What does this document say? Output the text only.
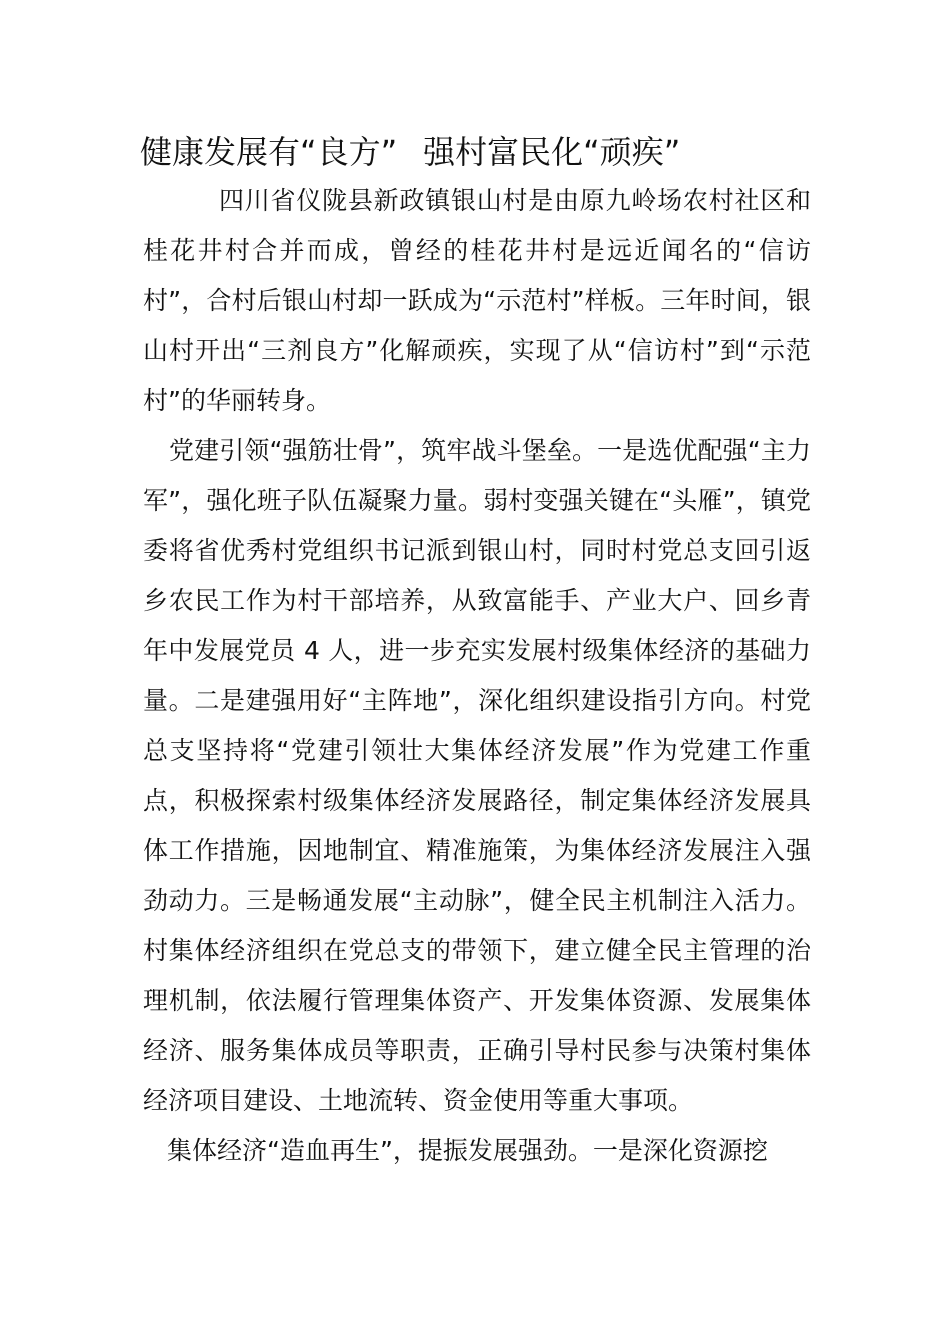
健康发展有“良方” 强村富民化“顽疾”

四川省仪陇县新政镇银山村是由原九岭场农村社区和桂花井村合并而成，曾经的桂花井村是远近闻名的“信访村”，合村后银山村却一跃成为“示范村”样板。三年时间，银山村开出“三剂良方”化解顽疾，实现了从“信访村”到“示范村”的华丽转身。

党建引领“强筋壮骨”，筑牢战斗堡垒。一是选优配强“主力军”，强化班子队伍凝聚力量。弱村变强关键在“头雁”，镇党委将省优秀村党组织书记派到银山村，同时村党总支回引返乡农民工作为村干部培养，从致富能手、产业大户、回乡青年中发展党员 4 人，进一步充实发展村级集体经济的基础力量。二是建强用好“主阵地”，深化组织建设指引方向。村党总支坚持将“党建引领壮大集体经济发展”作为党建工作重点，积极探索村级集体经济发展路径，制定集体经济发展具体工作措施，因地制宜、精准施策，为集体经济发展注入强劲动力。三是畅通发展“主动脉”，健全民主机制注入活力。村集体经济组织在党总支的带领下，建立健全民主管理的治理机制，依法履行管理集体资产、开发集体资源、发展集体经济、服务集体成员等职责，正确引导村民参与决策村集体经济项目建设、土地流转、资金使用等重大事项。

集体经济“造血再生”，提振发展强劲。一是深化资源挖
